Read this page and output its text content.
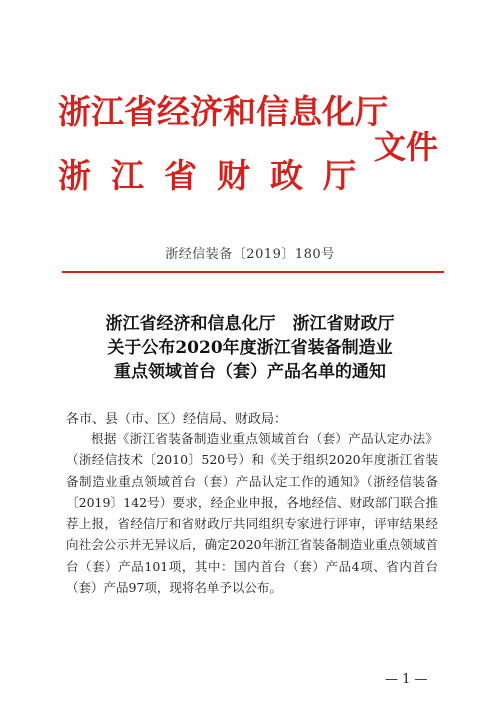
浙江省经济和信息化厅
浙江省财政厅
文件
浙经信装备〔2019〕180号
浙江省经济和信息化厅　浙江省财政厅
关于公布2020年度浙江省装备制造业
重点领域首台（套）产品名单的通知
各市、县（市、区）经信局、财政局：

根据《浙江省装备制造业重点领域首台（套）产品认定办法》（浙经信技术〔2010〕520号）和《关于组织2020年度浙江省装备制造业重点领域首台（套）产品认定工作的通知》（浙经信装备〔2019〕142号）要求，经企业申报，各地经信、财政部门联合推荐上报，省经信厅和省财政厅共同组织专家进行评审，评审结果经向社会公示并无异议后，确定2020年浙江省装备制造业重点领域首台（套）产品101项，其中：国内首台（套）产品4项、省内首台（套）产品97项，现将名单予以公布。

— 1 —
